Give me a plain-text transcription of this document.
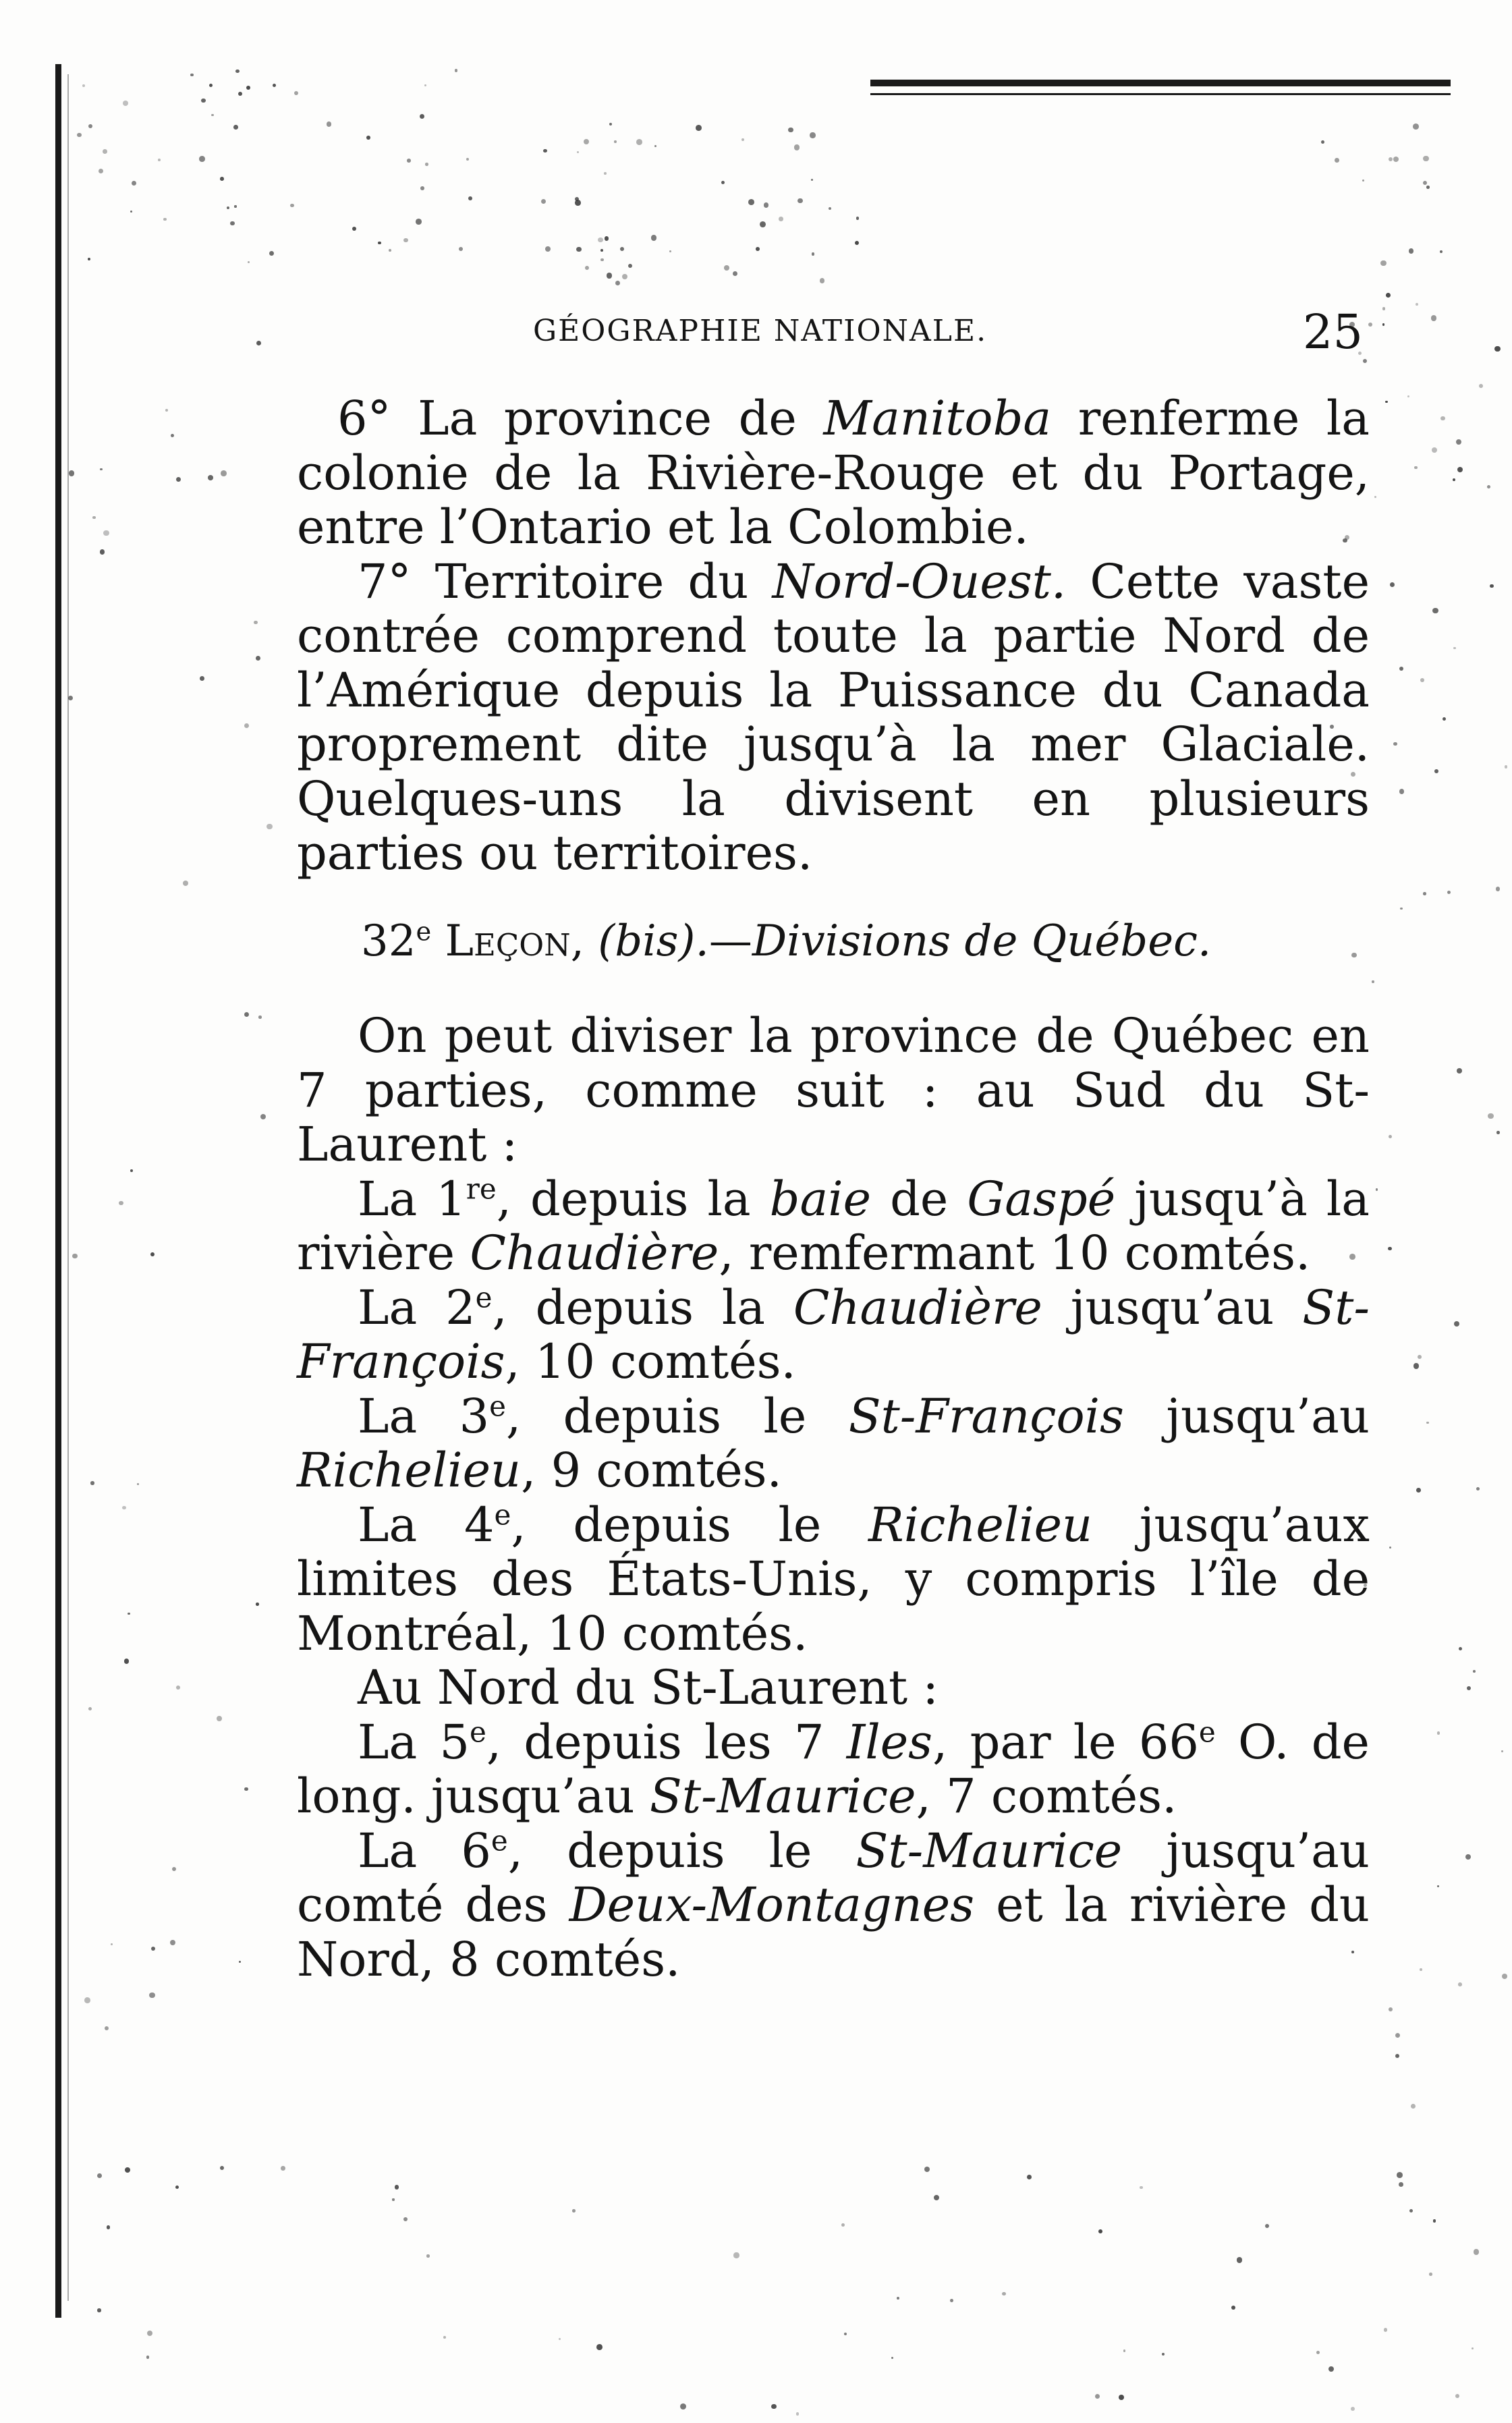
GÉOGRAPHIE NATIONALE.	25

6° La province de Manitoba renferme la colonie de la Rivière-Rouge et du Portage, entre l’Ontario et la Colombie.

7° Territoire du Nord-Ouest. Cette vaste contrée comprend toute la partie Nord de l’Amérique depuis la Puissance du Canada proprement dite jusqu’à la mer Glaciale. Quelques-uns la divisent en plusieurs parties ou territoires.

32e Leçon, (bis).—Divisions de Québec.

On peut diviser la province de Québec en 7 parties, comme suit : au Sud du St-Laurent :

La 1re, depuis la baie de Gaspé jusqu’à la rivière Chaudière, remfermant 10 comtés.

La 2e, depuis la Chaudière jusqu’au St-François, 10 comtés.

La 3e, depuis le St-François jusqu’au Richelieu, 9 comtés.

La 4e, depuis le Richelieu jusqu’aux limites des États-Unis, y compris l’île de Montréal, 10 comtés.

Au Nord du St-Laurent :

La 5e, depuis les 7 Iles, par le 66e O. de long. jusqu’au St-Maurice, 7 comtés.

La 6e, depuis le St-Maurice jusqu’au comté des Deux-Montagnes et la rivière du Nord, 8 comtés.
